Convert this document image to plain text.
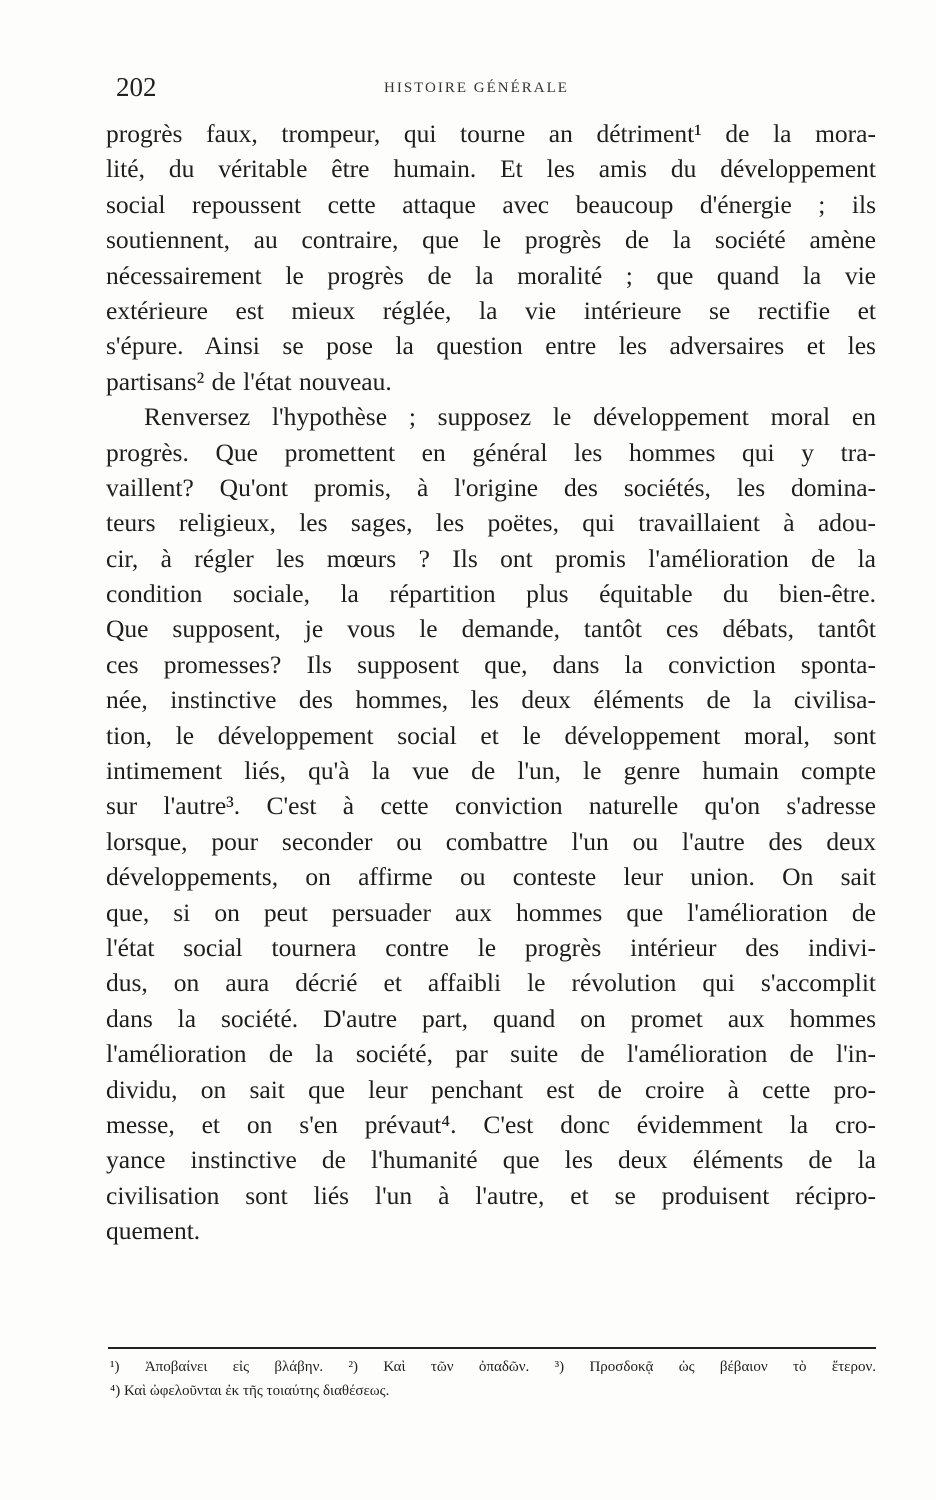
202	HISTOIRE GÉNÉRALE
progrès faux, trompeur, qui tourne an détriment¹ de la mora-
lité, du véritable être humain. Et les amis du développement
social repoussent cette attaque avec beaucoup d'énergie ; ils
soutiennent, au contraire, que le progrès de la société amène
nécessairement le progrès de la moralité ; que quand la vie
extérieure est mieux réglée, la vie intérieure se rectifie et
s'épure. Ainsi se pose la question entre les adversaires et les
partisans² de l'état nouveau.
Renversez l'hypothèse ; supposez le développement moral en
progrès. Que promettent en général les hommes qui y tra-
vaillent? Qu'ont promis, à l'origine des sociétés, les domina-
teurs religieux, les sages, les poëtes, qui travaillaient à adou-
cir, à régler les mœurs ? Ils ont promis l'amélioration de la
condition sociale, la répartition plus équitable du bien-être.
Que supposent, je vous le demande, tantôt ces débats, tantôt
ces promesses? Ils supposent que, dans la conviction sponta-
née, instinctive des hommes, les deux éléments de la civilisa-
tion, le développement social et le développement moral, sont
intimement liés, qu'à la vue de l'un, le genre humain compte
sur l'autre³. C'est à cette conviction naturelle qu'on s'adresse
lorsque, pour seconder ou combattre l'un ou l'autre des deux
développements, on affirme ou conteste leur union. On sait
que, si on peut persuader aux hommes que l'amélioration de
l'état social tournera contre le progrès intérieur des indivi-
dus, on aura décrié et affaibli le révolution qui s'accomplit
dans la société. D'autre part, quand on promet aux hommes
l'amélioration de la société, par suite de l'amélioration de l'in-
dividu, on sait que leur penchant est de croire à cette pro-
messe, et on s'en prévaut⁴. C'est donc évidemment la cro-
yance instinctive de l'humanité que les deux éléments de la
civilisation sont liés l'un à l'autre, et se produisent récipro-
quement.
¹) Ἀποβαίνει εἰς βλάβην. ²) Καὶ τῶν ὀπαδῶν. ³) Προσδοκᾷ ὡς βέβαιον τὸ ἕτερον.
⁴) Καὶ ὠφελοῦνται ἐκ τῆς τοιαύτης διαθέσεως.
